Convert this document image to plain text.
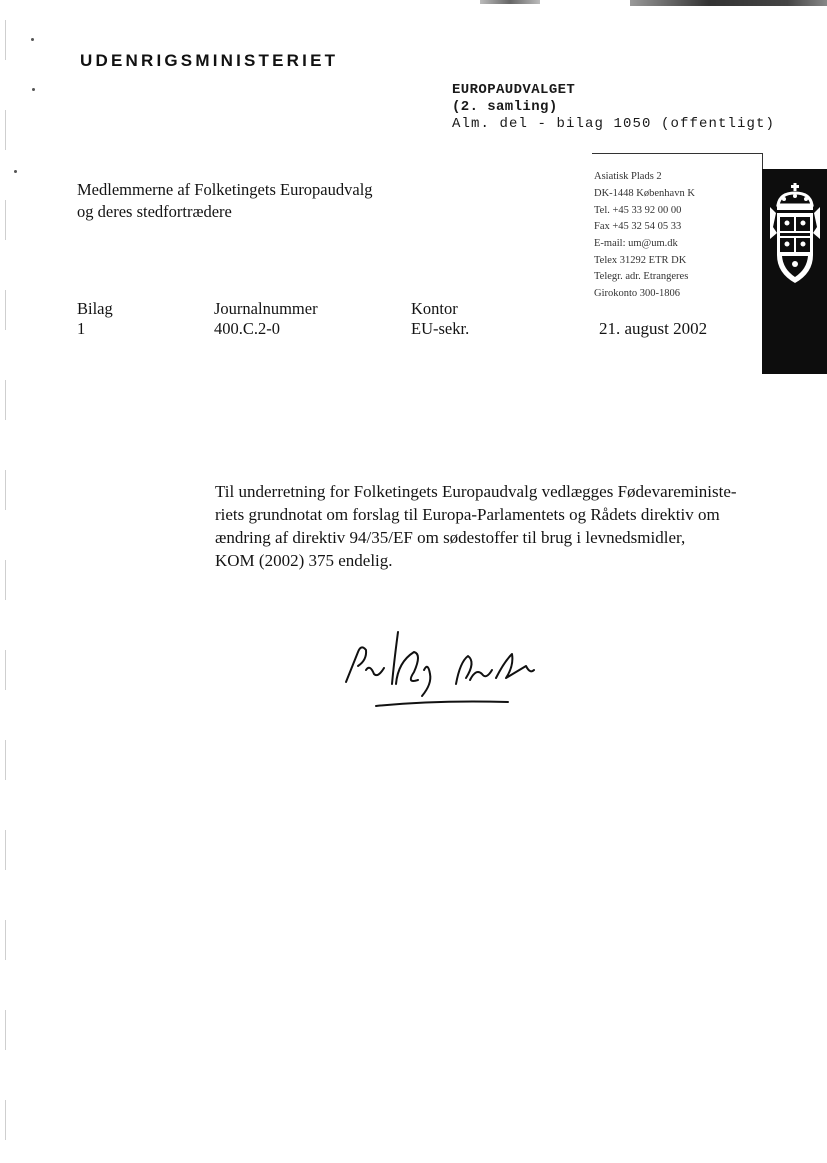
UDENRIGSMINISTERIET
EUROPAUDVALGET
(2. samling)
Alm. del - bilag 1050 (offentligt)
Asiatisk Plads 2
DK-1448 København K
Tel. +45 33 92 00 00
Fax +45 32 54 05 33
E-mail: um@um.dk
Telex 31292 ETR DK
Telegr. adr. Etrangeres
Girokonto 300-1806
Medlemmerne af Folketingets Europaudvalg
og deres stedfortrædere
Bilag
1
Journalnummer
400.C.2-0
Kontor
EU-sekr.	21. august 2002
Til underretning for Folketingets Europaudvalg vedlægges Fødevareministe-
riets grundnotat om forslag til Europa-Parlamentets og Rådets direktiv om
ændring af direktiv 94/35/EF om sødestoffer til brug i levnedsmidler,
KOM (2002) 375 endelig.
